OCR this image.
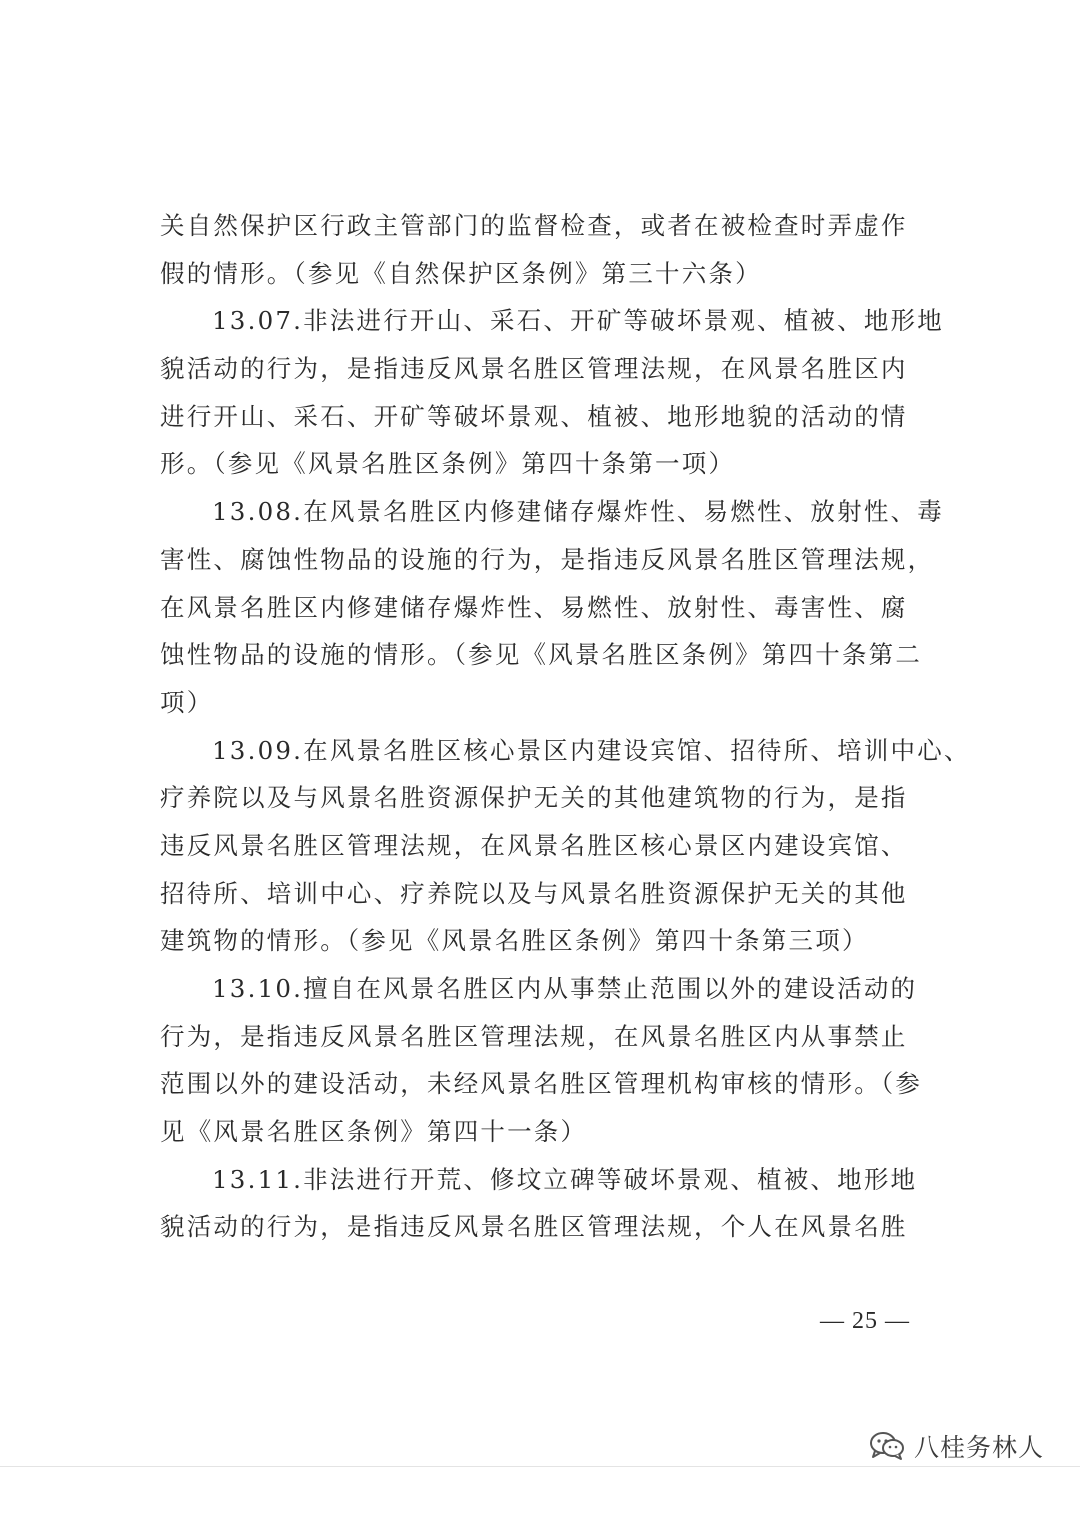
关自然保护区行政主管部门的监督检查，或者在被检查时弄虚作
假的情形。（参见《自然保护区条例》第三十六条）
13.07.非法进行开山、采石、开矿等破坏景观、植被、地形地
貌活动的行为，是指违反风景名胜区管理法规，在风景名胜区内
进行开山、采石、开矿等破坏景观、植被、地形地貌的活动的情
形。（参见《风景名胜区条例》第四十条第一项）
13.08.在风景名胜区内修建储存爆炸性、易燃性、放射性、毒
害性、腐蚀性物品的设施的行为，是指违反风景名胜区管理法规，
在风景名胜区内修建储存爆炸性、易燃性、放射性、毒害性、腐
蚀性物品的设施的情形。（参见《风景名胜区条例》第四十条第二
项）
13.09.在风景名胜区核心景区内建设宾馆、招待所、培训中心、
疗养院以及与风景名胜资源保护无关的其他建筑物的行为，是指
违反风景名胜区管理法规，在风景名胜区核心景区内建设宾馆、
招待所、培训中心、疗养院以及与风景名胜资源保护无关的其他
建筑物的情形。（参见《风景名胜区条例》第四十条第三项）
13.10.擅自在风景名胜区内从事禁止范围以外的建设活动的
行为，是指违反风景名胜区管理法规，在风景名胜区内从事禁止
范围以外的建设活动，未经风景名胜区管理机构审核的情形。（参
见《风景名胜区条例》第四十一条）
13.11.非法进行开荒、修坟立碑等破坏景观、植被、地形地
貌活动的行为，是指违反风景名胜区管理法规，个人在风景名胜
— 25 —
八桂务林人
